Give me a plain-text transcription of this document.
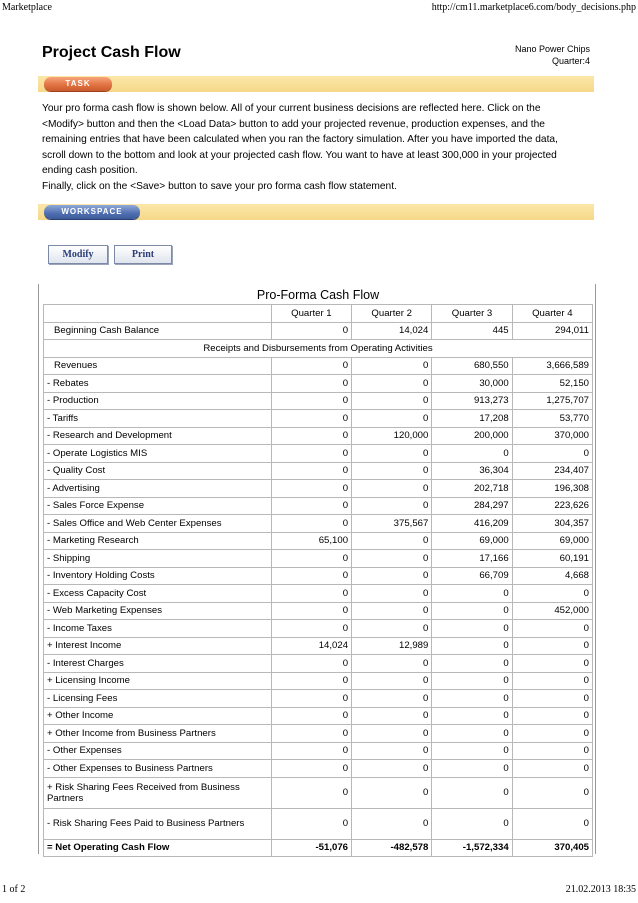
Marketplace	http://cm11.marketplace6.com/body_decisions.php
Project Cash Flow	Nano Power Chips
Quarter:4
TASK
Your pro forma cash flow is shown below. All of your current business decisions are reflected here. Click on the <Modify> button and then the <Load Data> button to add your projected revenue, production expenses, and the remaining entries that have been calculated when you ran the factory simulation. After you have imported the data, scroll down to the bottom and look at your projected cash flow. You want to have at least 300,000 in your projected ending cash position.
Finally, click on the <Save> button to save your pro forma cash flow statement.
WORKSPACE
Modify	Print
Pro-Forma Cash Flow				
	Quarter 1	Quarter 2	Quarter 3	Quarter 4
Beginning Cash Balance	0	14,024	445	294,011
Receipts and Disbursements from Operating Activities				
Revenues	0	0	680,550	3,666,589
- Rebates	0	0	30,000	52,150
- Production	0	0	913,273	1,275,707
- Tariffs	0	0	17,208	53,770
- Research and Development	0	120,000	200,000	370,000
- Operate Logistics MIS	0	0	0	0
- Quality Cost	0	0	36,304	234,407
- Advertising	0	0	202,718	196,308
- Sales Force Expense	0	0	284,297	223,626
- Sales Office and Web Center Expenses	0	375,567	416,209	304,357
- Marketing Research	65,100	0	69,000	69,000
- Shipping	0	0	17,166	60,191
- Inventory Holding Costs	0	0	66,709	4,668
- Excess Capacity Cost	0	0	0	0
- Web Marketing Expenses	0	0	0	452,000
- Income Taxes	0	0	0	0
+ Interest Income	14,024	12,989	0	0
- Interest Charges	0	0	0	0
+ Licensing Income	0	0	0	0
- Licensing Fees	0	0	0	0
+ Other Income	0	0	0	0
+ Other Income from Business Partners	0	0	0	0
- Other Expenses	0	0	0	0
- Other Expenses to Business Partners	0	0	0	0
+ Risk Sharing Fees Received from Business Partners	0	0	0	0
- Risk Sharing Fees Paid to Business Partners	0	0	0	0
= Net Operating Cash Flow	-51,076	-482,578	-1,572,334	370,405
1 of 2	21.02.2013 18:35
